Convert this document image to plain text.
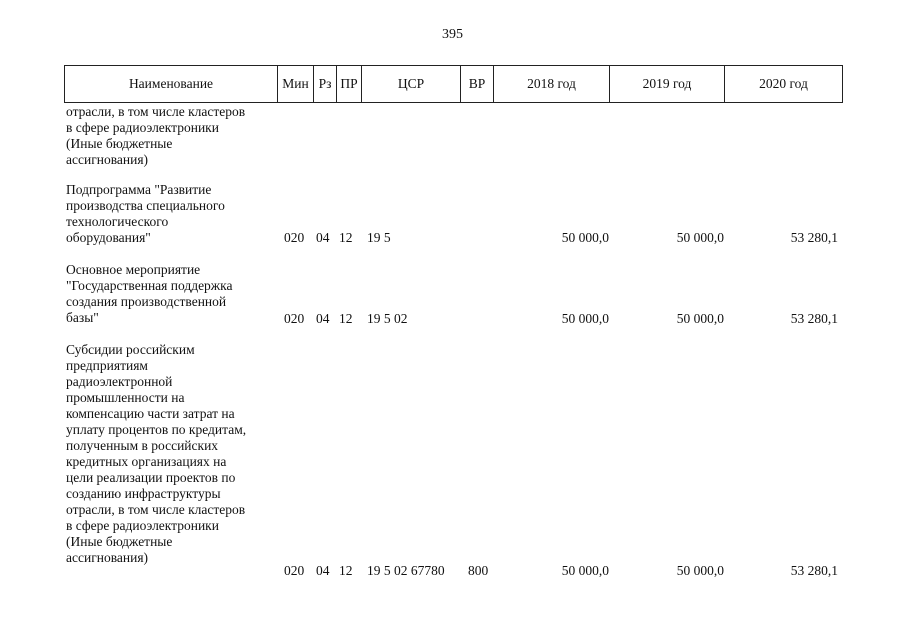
395
Наименование	Мин Рз ПР	ЦСР	ВР	2018 год	2019 год	2020 год
отрасли, в том числе кластеров
в сфере радиоэлектроники
(Иные бюджетные
ассигнования)
Подпрограмма "Развитие
производства специального
технологического
оборудования"	020 04 12 19 5	50 000,0	50 000,0	53 280,1
Основное мероприятие
"Государственная поддержка
создания производственной
базы"	020 04 12 19 5 02	50 000,0	50 000,0	53 280,1
Субсидии российским
предприятиям
радиоэлектронной
промышленности на
компенсацию части затрат на
уплату процентов по кредитам,
полученным в российских
кредитных организациях на
цели реализации проектов по
созданию инфраструктуры
отрасли, в том числе кластеров
в сфере радиоэлектроники
(Иные бюджетные
ассигнования)
020 04 12 19 5 02 67780 800	50 000,0	50 000,0	53 280,1
